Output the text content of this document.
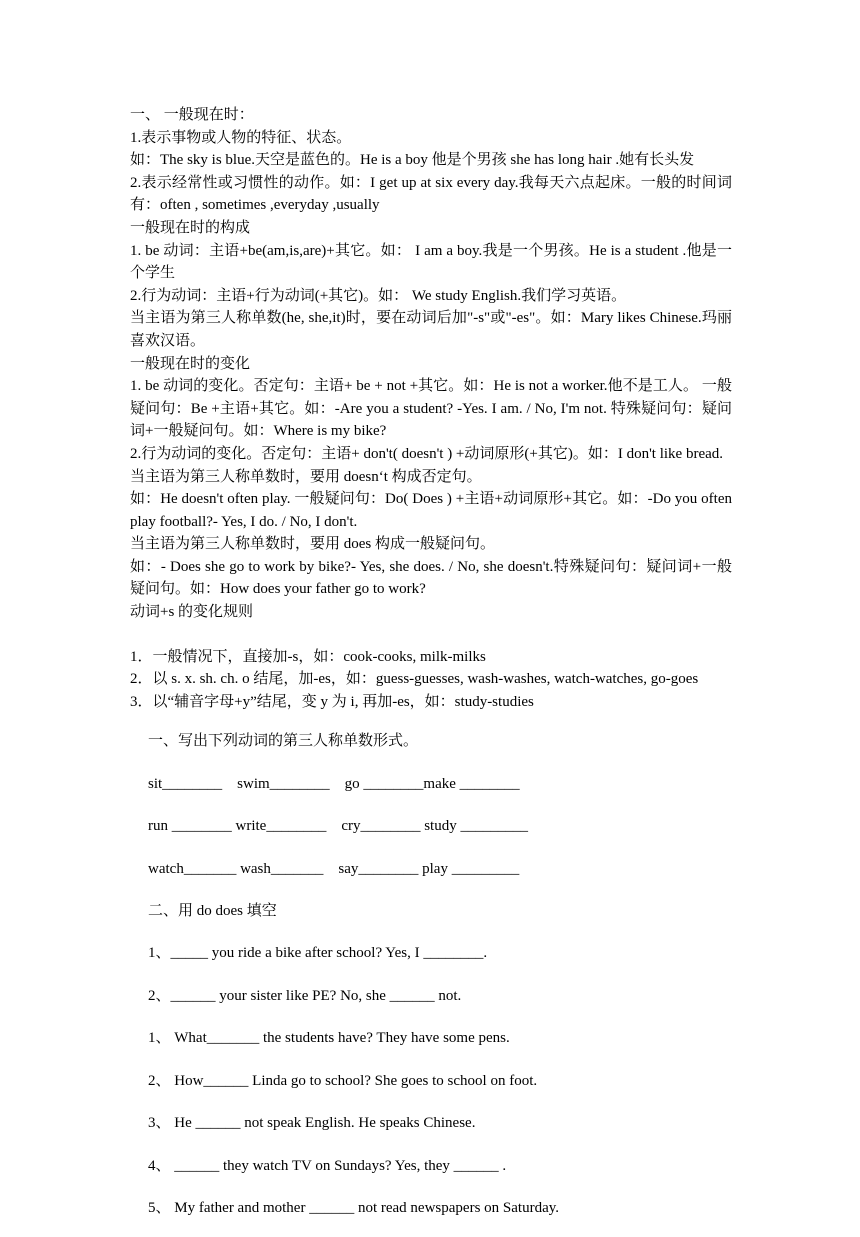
一、 一般现在时：

1.表示事物或人物的特征、状态。

如：The sky is blue.天空是蓝色的。He is a boy 他是个男孩 she has long hair .她有长头发

2.表示经常性或习惯性的动作。如：I get up at six every day.我每天六点起床。一般的时间词有：often , sometimes ,everyday ,usually

一般现在时的构成

1. be 动词：主语+be(am,is,are)+其它。如： I am a boy.我是一个男孩。He is a student .他是一个学生

2.行为动词：主语+行为动词(+其它)。如： We study English.我们学习英语。

当主语为第三人称单数(he, she,it)时，要在动词后加"-s"或"-es"。如：Mary likes Chinese.玛丽喜欢汉语。

一般现在时的变化

1. be 动词的变化。否定句：主语+ be + not +其它。如：He is not a worker.他不是工人。 一般疑问句：Be +主语+其它。如：-Are you a student? -Yes. I am. / No, I'm not. 特殊疑问句：疑问词+一般疑问句。如：Where is my bike?

2.行为动词的变化。否定句：主语+ don't( doesn't ) +动词原形(+其它)。如：I don't like bread.

当主语为第三人称单数时，要用 doesn‘t 构成否定句。

如：He doesn't often play. 一般疑问句：Do( Does ) +主语+动词原形+其它。如：-Do you often play football?- Yes, I do. / No, I don't.

当主语为第三人称单数时，要用 does 构成一般疑问句。

如：- Does she go to work by bike?- Yes, she does. / No, she doesn't.特殊疑问句：疑问词+一般疑问句。如：How does your father go to work?

动词+s 的变化规则

1．一般情况下，直接加-s，如：cook-cooks, milk-milks

2．以 s. x. sh. ch. o 结尾，加-es，如：guess-guesses, wash-washes, watch-watches, go-goes

3．以“辅音字母+y”结尾，变 y 为 i, 再加-es，如：study-studies

一、写出下列动词的第三人称单数形式。

sit________    swim________    go ________make ________

run ________ write________    cry________ study _________

watch_______ wash_______    say________ play _________

二、用 do does 填空

1、_____ you ride a bike after school? Yes, I ________.

2、______ your sister like PE? No, she ______ not.

1、 What_______ the students have? They have some pens.

2、 How______ Linda go to school? She goes to school on foot.

3、 He ______ not speak English. He speaks Chinese.

4、 ______ they watch TV on Sundays? Yes, they ______ .

5、 My father and mother ______ not read newspapers on Saturday.
